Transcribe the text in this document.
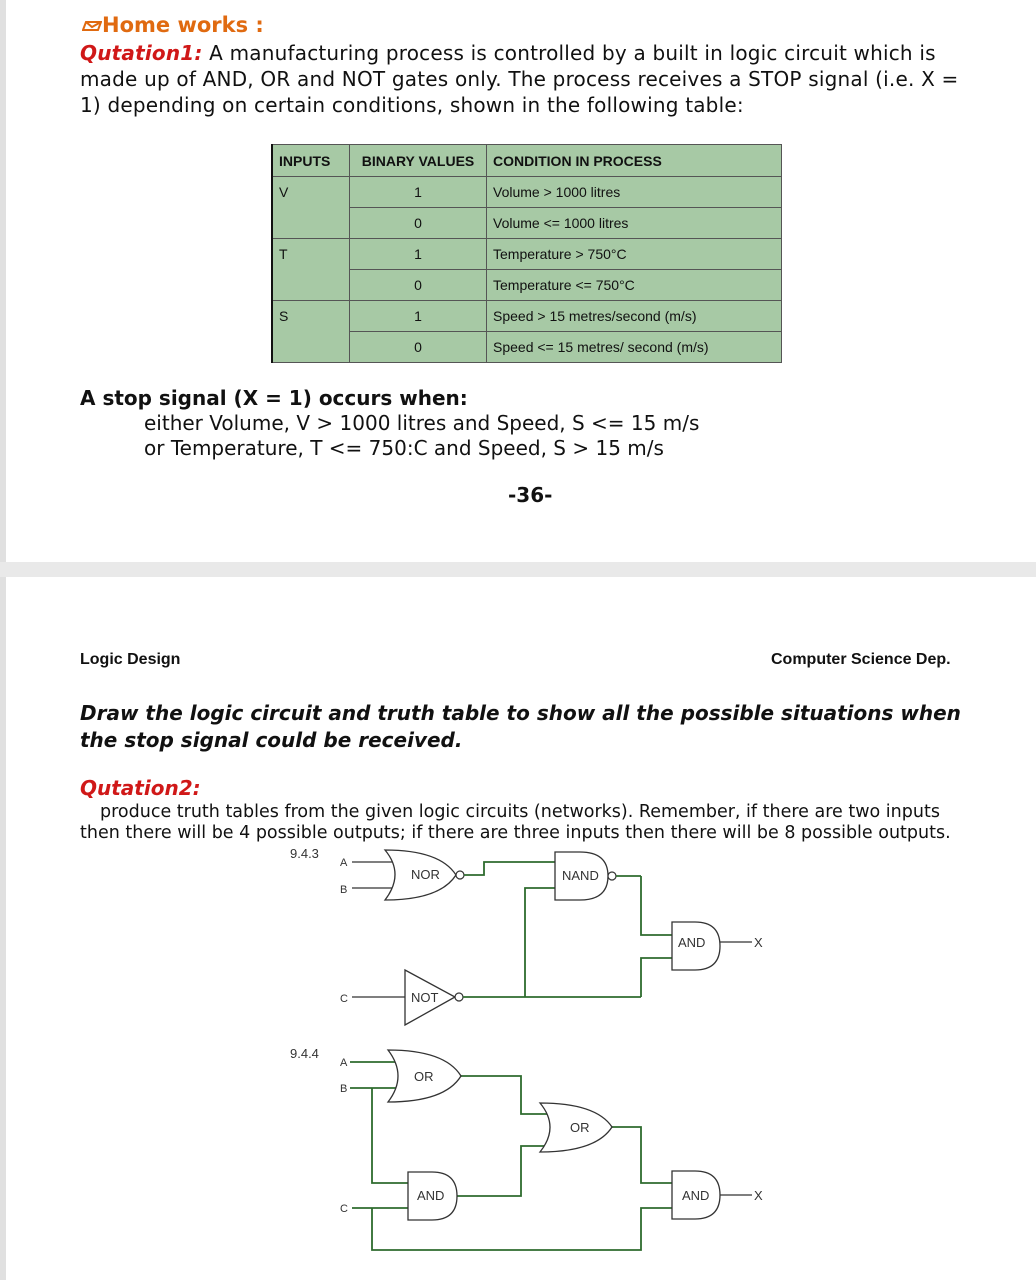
Home works :
Qutation1: A manufacturing process is controlled by a built in logic circuit which is made up of AND, OR and NOT gates only. The process receives a STOP signal (i.e. X = 1) depending on certain conditions, shown in the following table:
INPUTS	BINARY VALUES	CONDITION IN PROCESS
V	1	Volume > 1000 litres
	0	Volume <= 1000 litres
T	1	Temperature > 750°C
	0	Temperature <= 750°C
S	1	Speed > 15 metres/second (m/s)
	0	Speed <= 15 metres/ second (m/s)
A stop signal (X = 1) occurs when:
either Volume, V > 1000 litres and Speed, S <= 15 m/s
or Temperature, T <= 750:C and Speed, S > 15 m/s
-36-
Logic Design	Computer Science Dep.
Draw the logic circuit and truth table to show all the possible situations when the stop signal could be received.
Qutation2:
produce truth tables from the given logic circuits (networks). Remember, if there are two inputs
then there will be 4 possible outputs; if there are three inputs then there will be 8 possible outputs.
9.4.3
A
B
C
NOR	NAND
NOT
AND	X
9.4.4
A
B
C
OR
OR
AND	AND	X
